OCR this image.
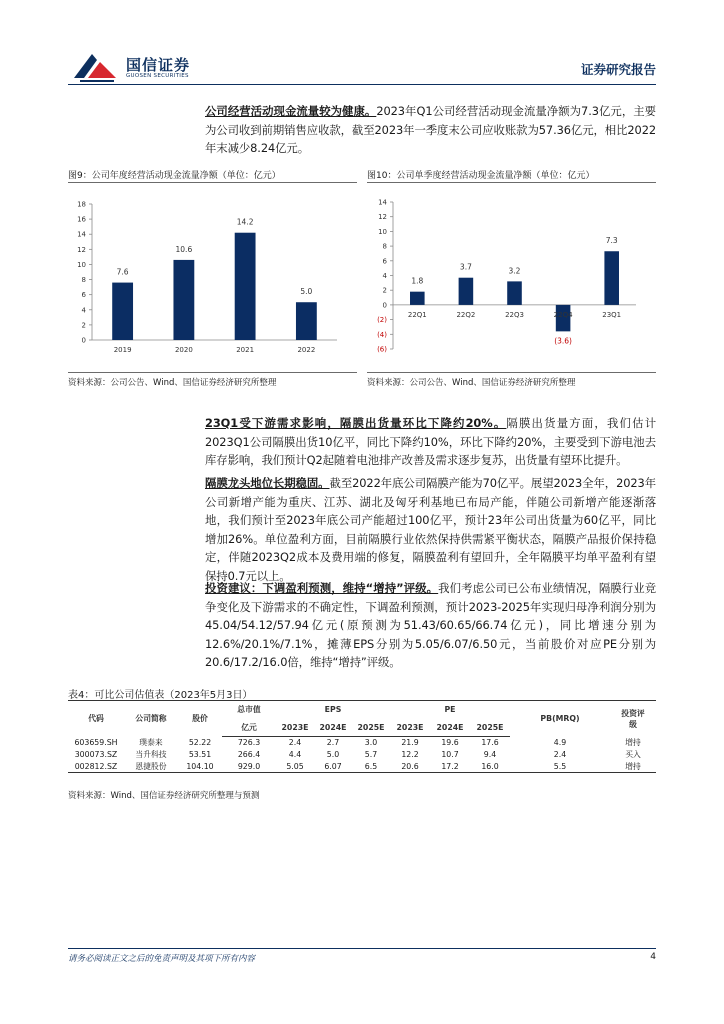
国信证券
GUOSEN SECURITIES	证券研究报告
公司经营活动现金流量较为健康。2023年Q1公司经营活动现金流量净额为7.3亿元，主要为公司收到前期销售应收款，截至2023年一季度末公司应收账款为57.36亿元，相比2022年末减少8.24亿元。
图9：公司年度经营活动现金流量净额（单位：亿元）
0
2
4
6
8
10
12
14
16
18
7.6
2019
10.6
2020
14.2
2021
5.0
2022
资料来源：公司公告、Wind、国信证券经济研究所整理
图10：公司单季度经营活动现金流量净额（单位：亿元）
(6)
(4)
(2)
0
2
4
6
8
10
12
14
1.8
22Q1
3.7
22Q2
3.2
22Q3
(3.6)
22Q4
7.3
23Q1
资料来源：公司公告、Wind、国信证券经济研究所整理
23Q1受下游需求影响，隔膜出货量环比下降约20%。隔膜出货量方面，我们估计2023Q1公司隔膜出货10亿平，同比下降约10%，环比下降约20%，主要受到下游电池去库存影响，我们预计Q2起随着电池排产改善及需求逐步复苏，出货量有望环比提升。
隔膜龙头地位长期稳固。截至2022年底公司隔膜产能为70亿平。展望2023全年，2023年公司新增产能为重庆、江苏、湖北及匈牙利基地已布局产能，伴随公司新增产能逐渐落地，我们预计至2023年底公司产能超过100亿平，预计23年公司出货量为60亿平，同比增加26%。单位盈利方面，目前隔膜行业依然保持供需紧平衡状态，隔膜产品报价保持稳定，伴随2023Q2成本及费用端的修复，隔膜盈利有望回升，全年隔膜平均单平盈利有望保持0.7元以上。
投资建议：下调盈利预测，维持“增持”评级。我们考虑公司已公布业绩情况，隔膜行业竞争变化及下游需求的不确定性，下调盈利预测，预计2023-2025年实现归母净利润分别为45.04/54.12/57.94亿元(原预测为51.43/60.65/66.74亿元)，同比增速分别为12.6%/20.1%/7.1%，摊薄EPS分别为5.05/6.07/6.50元，当前股价对应PE分别为20.6/17.2/16.0倍，维持“增持”评级。
表4：可比公司估值表（2023年5月3日）
代码	公司简称	股价	总市值	EPS			PE			PB(MRQ)	投资评级
			亿元	2023E	2024E	2025E	2023E	2024E	2025E		
603659.SH	璞泰来	52.22	726.3	2.4	2.7	3.0	21.9	19.6	17.6	4.9	增持
300073.SZ	当升科技	53.51	266.4	4.4	5.0	5.7	12.2	10.7	9.4	2.4	买入
002812.SZ	恩捷股份	104.10	929.0	5.05	6.07	6.5	20.6	17.2	16.0	5.5	增持
资料来源：Wind、国信证券经济研究所整理与预测
请务必阅读正文之后的免责声明及其项下所有内容	4
